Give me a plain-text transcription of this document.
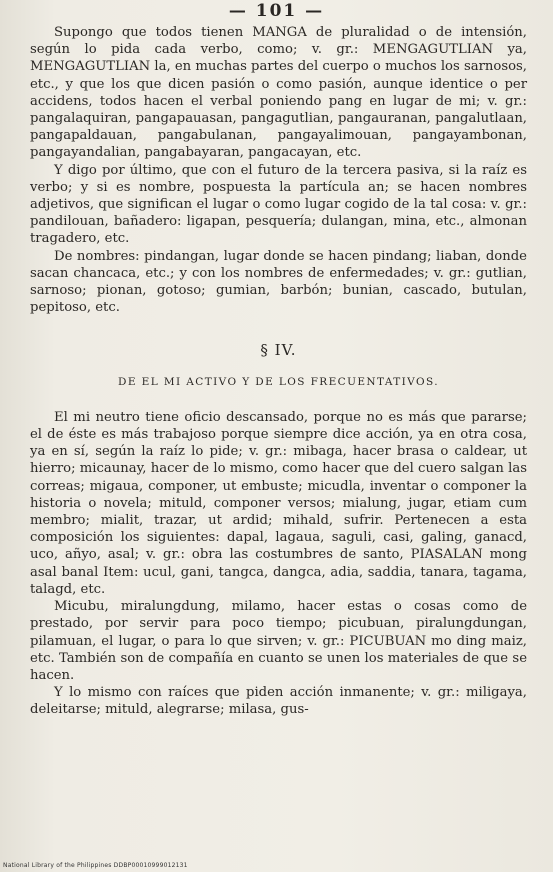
— 101 —

Supongo que todos tienen MANGA de pluralidad o de intensión, según lo pida cada verbo, como; v. gr.: MENGAGUTLIAN ya, MENGAGUTLIAN la, en muchas partes del cuerpo o muchos los sarnosos, etc., y que los que dicen pasión o como pasión, aunque identice o per accidens, todos hacen el verbal poniendo pang en lugar de mi; v. gr.: pangalaquiran, pangapauasan, pangagutlian, pangauranan, pangalutlaan, pangapaldauan, pangabulanan, pangayalimouan, pangayambonan, pangayandalian, pangabayaran, pangacayan, etc.

Y digo por último, que con el futuro de la tercera pasiva, si la raíz es verbo; y si es nombre, pospuesta la partícula an; se hacen nombres adjetivos, que significan el lugar o como lugar cogido de la tal cosa: v. gr.: pandilouan, bañadero: ligapan, pesquería; dulangan, mina, etc., almonan tragadero, etc.

De nombres: pindangan, lugar donde se hacen pindang; liaban, donde sacan chancaca, etc.; y con los nombres de enfermedades; v. gr.: gutlian, sarnoso; pionan, gotoso; gumian, barbón; bunian, cascado, butulan, pepitoso, etc.

§ IV.
DE EL MI ACTIVO Y DE LOS FRECUENTATIVOS.

El mi neutro tiene oficio descansado, porque no es más que pararse; el de éste es más trabajoso porque siempre dice acción, ya en otra cosa, ya en sí, según la raíz lo pide; v. gr.: mibaga, hacer brasa o caldear, ut hierro; micaunay, hacer de lo mismo, como hacer que del cuero salgan las correas; migaua, componer, ut embuste; micudla, inventar o componer la historia o novela; mituld, componer versos; mialung, jugar, etiam cum membro; mialit, trazar, ut ardid; mihald, sufrir. Pertenecen a esta composición los siguientes: dapal, lagaua, saguli, casi, galing, ganacd, uco, añyo, asal; v. gr.: obra las costumbres de santo, PIASALAN mong asal banal Item: ucul, gani, tangca, dangca, adia, saddia, tanara, tagama, talagd, etc.

Micubu, miralungdung, milamo, hacer estas o cosas como de prestado, por servir para poco tiempo; picubuan, piralungdungan, pilamuan, el lugar, o para lo que sirven; v. gr.: PICUBUAN mo ding maiz, etc. También son de compañía en cuanto se unen los materiales de que se hacen.

Y lo mismo con raíces que piden acción inmanente; v. gr.: miligaya, deleitarse; mituld, alegrarse; milasa, gus-

National Library of the Philippines DDBP00010999012131
